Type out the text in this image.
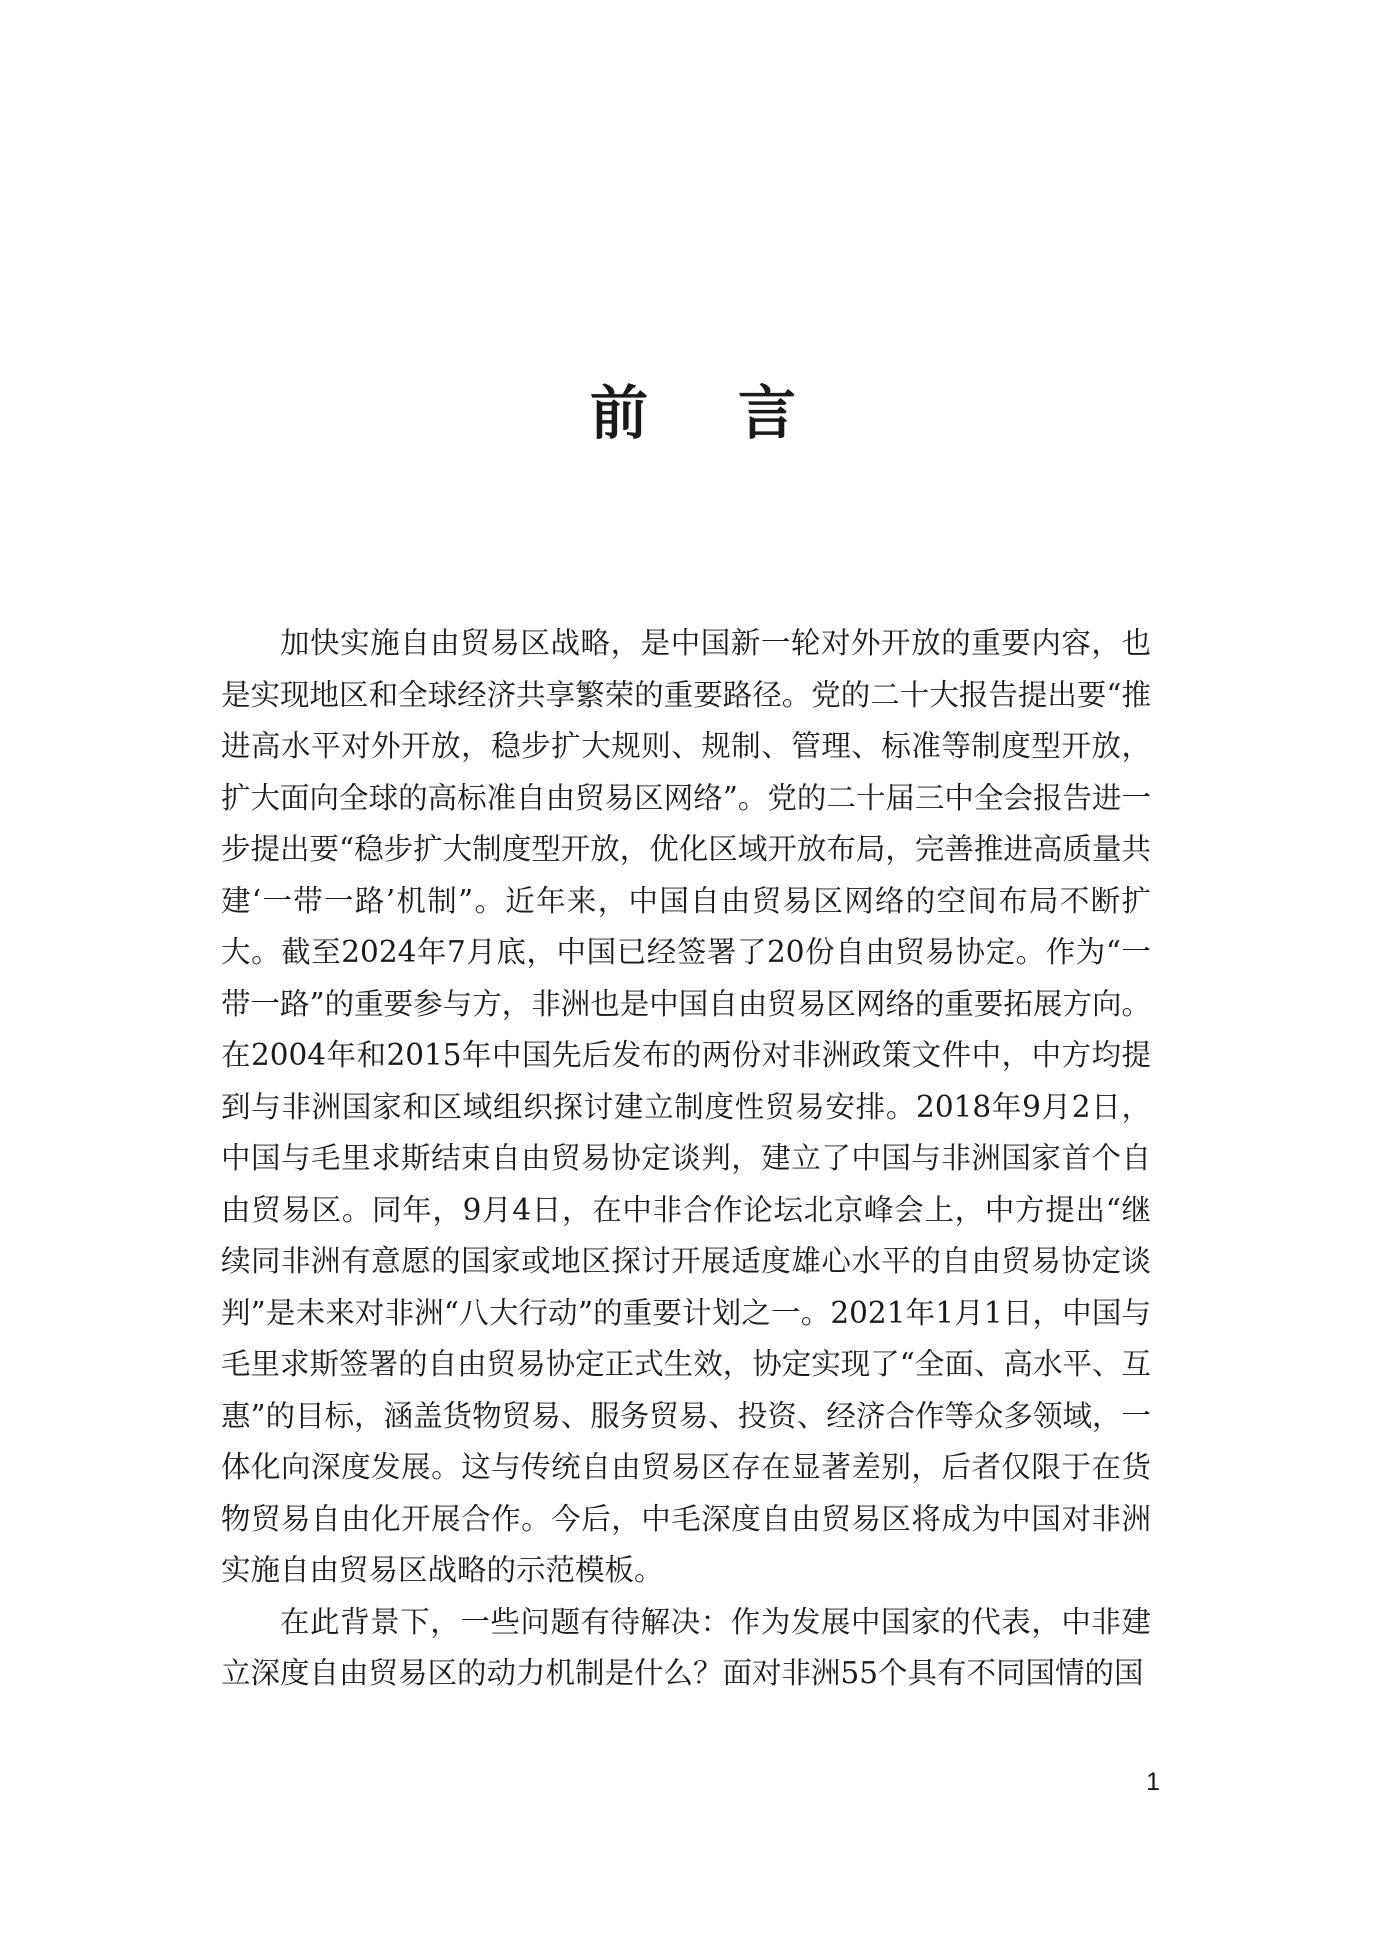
前言

加快实施自由贸易区战略，是中国新一轮对外开放的重要内容，也是实现地区和全球经济共享繁荣的重要路径。党的二十大报告提出要“推进高水平对外开放，稳步扩大规则、规制、管理、标准等制度型开放，扩大面向全球的高标准自由贸易区网络”。党的二十届三中全会报告进一步提出要“稳步扩大制度型开放，优化区域开放布局，完善推进高质量共建‘一带一路’机制”。近年来，中国自由贸易区网络的空间布局不断扩大。截至2024年7月底，中国已经签署了20份自由贸易协定。作为“一带一路”的重要参与方，非洲也是中国自由贸易区网络的重要拓展方向。在2004年和2015年中国先后发布的两份对非洲政策文件中，中方均提到与非洲国家和区域组织探讨建立制度性贸易安排。2018年9月2日，中国与毛里求斯结束自由贸易协定谈判，建立了中国与非洲国家首个自由贸易区。同年，9月4日，在中非合作论坛北京峰会上，中方提出“继续同非洲有意愿的国家或地区探讨开展适度雄心水平的自由贸易协定谈判”是未来对非洲“八大行动”的重要计划之一。2021年1月1日，中国与毛里求斯签署的自由贸易协定正式生效，协定实现了“全面、高水平、互惠”的目标，涵盖货物贸易、服务贸易、投资、经济合作等众多领域，一体化向深度发展。这与传统自由贸易区存在显著差别，后者仅限于在货物贸易自由化开展合作。今后，中毛深度自由贸易区将成为中国对非洲实施自由贸易区战略的示范模板。

在此背景下，一些问题有待解决：作为发展中国家的代表，中非建立深度自由贸易区的动力机制是什么？面对非洲55个具有不同国情的国

1
